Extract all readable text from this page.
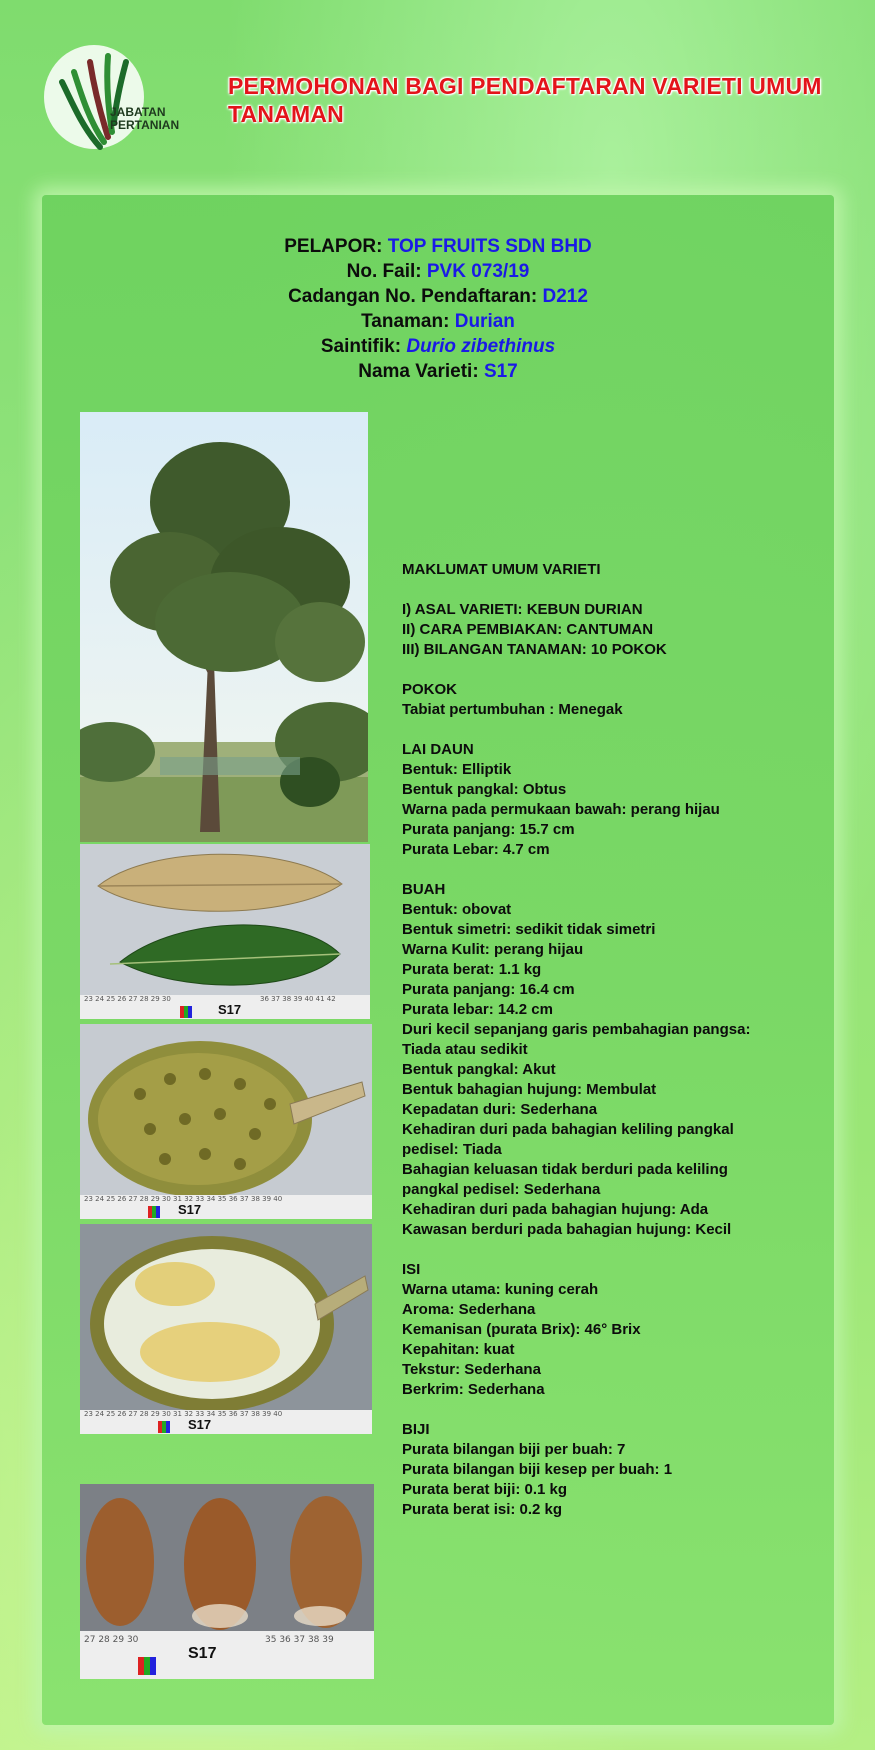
JABATAN
PERTANIAN
PERMOHONAN BAGI PENDAFTARAN VARIETI UMUM TANAMAN
PELAPOR: TOP FRUITS SDN BHD
No. Fail: PVK 073/19
Cadangan No. Pendaftaran: D212
Tanaman: Durian
Saintifik: Durio zibethinus
Nama Varieti: S17
23 24 25 26 27 28 29 30	36 37 38 39 40 41 42
S17
23 24 25 26 27 28 29 30 31 32 33 34 35 36 37 38 39 40
S17
23 24 25 26 27 28 29 30 31 32 33 34 35 36 37 38 39 40
S17
27 28 29 30	35 36 37 38 39
S17
MAKLUMAT UMUM VARIETI
I) ASAL VARIETI: KEBUN DURIAN
II) CARA PEMBIAKAN: CANTUMAN
III) BILANGAN TANAMAN: 10 POKOK
POKOK
Tabiat pertumbuhan : Menegak
LAI DAUN
Bentuk: Elliptik
Bentuk pangkal: Obtus
Warna pada permukaan bawah: perang hijau
Purata panjang: 15.7 cm
Purata Lebar: 4.7 cm
BUAH
Bentuk: obovat
Bentuk simetri: sedikit tidak simetri
Warna Kulit: perang hijau
Purata berat: 1.1 kg
Purata panjang: 16.4 cm
Purata lebar: 14.2 cm
Duri kecil sepanjang garis pembahagian pangsa:
Tiada atau sedikit
Bentuk pangkal: Akut
Bentuk bahagian hujung: Membulat
Kepadatan duri: Sederhana
Kehadiran duri pada bahagian keliling pangkal
pedisel: Tiada
Bahagian keluasan tidak berduri pada keliling
pangkal pedisel: Sederhana
Kehadiran duri pada bahagian hujung: Ada
Kawasan berduri pada bahagian hujung: Kecil
ISI
Warna utama: kuning cerah
Aroma: Sederhana
Kemanisan (purata Brix): 46° Brix
Kepahitan: kuat
Tekstur: Sederhana
Berkrim: Sederhana
BIJI
Purata bilangan biji per buah: 7
Purata bilangan biji kesep per buah: 1
Purata berat biji: 0.1 kg
Purata berat isi: 0.2 kg
